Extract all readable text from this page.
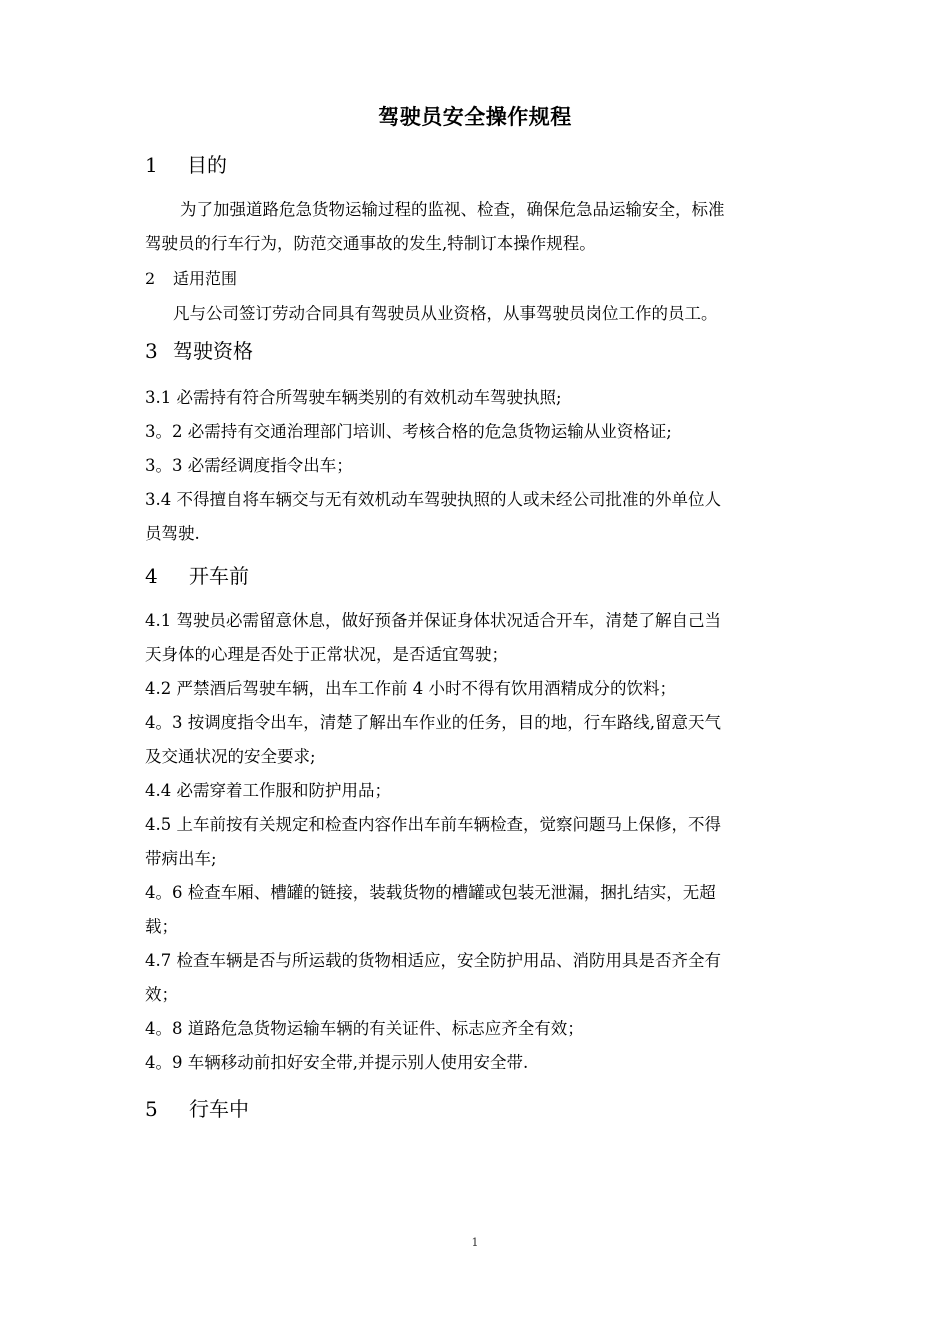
驾驶员安全操作规程
1 目的
为了加强道路危急货物运输过程的监视、检查，确保危急品运输安全，标准
驾驶员的行车行为，防范交通事故的发生,特制订本操作规程。
2 适用范围
凡与公司签订劳动合同具有驾驶员从业资格，从事驾驶员岗位工作的员工。
3 驾驶资格
3.1 必需持有符合所驾驶车辆类别的有效机动车驾驶执照;
3。2 必需持有交通治理部门培训、考核合格的危急货物运输从业资格证;
3。3 必需经调度指令出车；
3.4 不得擅自将车辆交与无有效机动车驾驶执照的人或未经公司批准的外单位人
员驾驶.
4 开车前
4.1 驾驶员必需留意休息，做好预备并保证身体状况适合开车，清楚了解自己当
天身体的心理是否处于正常状况，是否适宜驾驶；
4.2 严禁酒后驾驶车辆，出车工作前 4 小时不得有饮用酒精成分的饮料；
4。3 按调度指令出车，清楚了解出车作业的任务，目的地，行车路线,留意天气
及交通状况的安全要求;
4.4 必需穿着工作服和防护用品；
4.5 上车前按有关规定和检查内容作出车前车辆检查，觉察问题马上保修，不得
带病出车;
4。6 检查车厢、槽罐的链接，装载货物的槽罐或包装无泄漏，捆扎结实，无超
载；
4.7 检查车辆是否与所运载的货物相适应，安全防护用品、消防用具是否齐全有
效；
4。8 道路危急货物运输车辆的有关证件、标志应齐全有效；
4。9 车辆移动前扣好安全带,并提示别人使用安全带.
5 行车中
1
